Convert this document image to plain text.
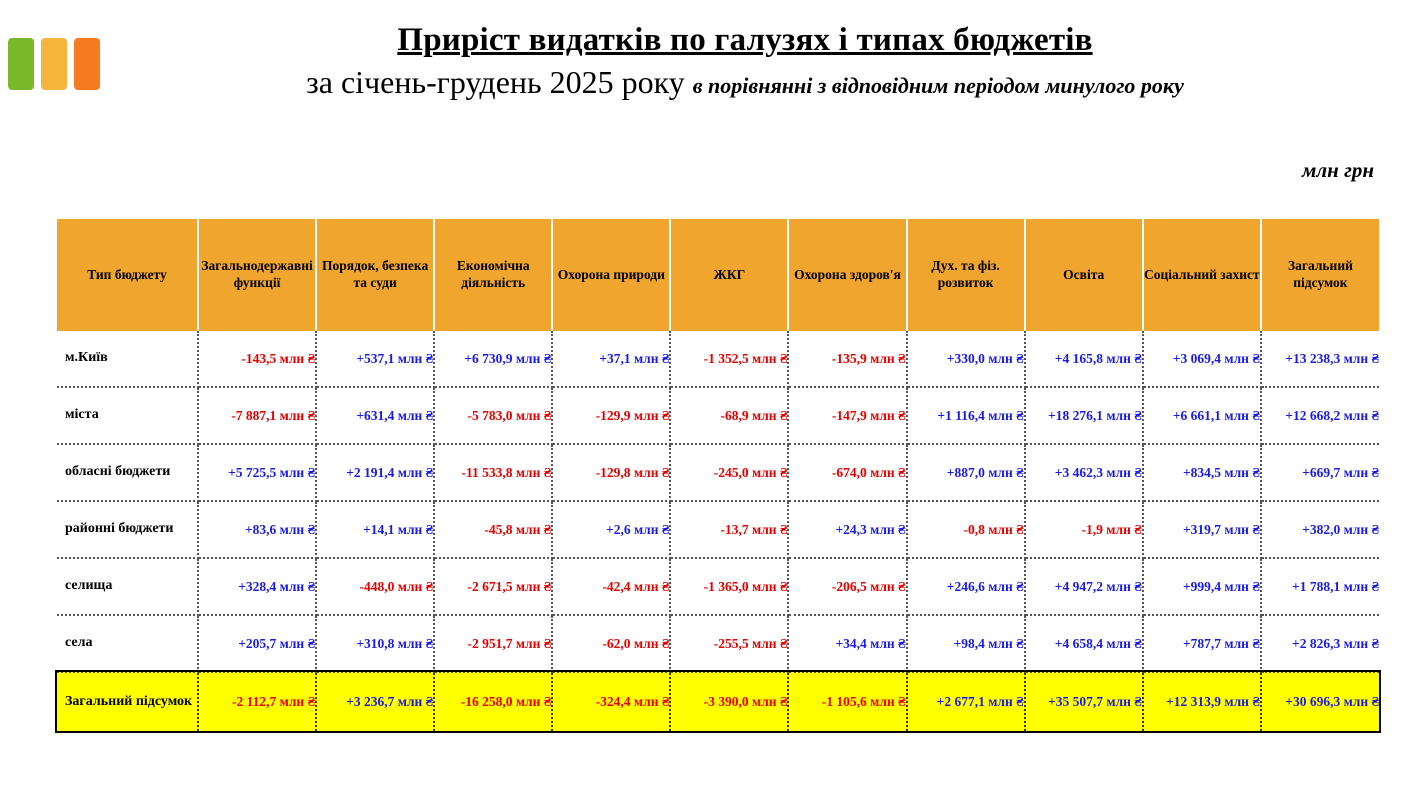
Приріст видатків по галузях і типах бюджетів
за січень-грудень 2025 року в порівнянні з відповідним періодом минулого року
млн грн
Тип бюджету	Загальнодержавні функції	Порядок, безпека та суди	Економічна діяльність	Охорона природи	ЖКГ	Охорона здоров'я	Дух. та фіз. розвиток	Освіта	Соціальний захист	Загальний підсумок
м.Київ	-143,5 млн ₴	+537,1 млн ₴	+6 730,9 млн ₴	+37,1 млн ₴	-1 352,5 млн ₴	-135,9 млн ₴	+330,0 млн ₴	+4 165,8 млн ₴	+3 069,4 млн ₴	+13 238,3 млн ₴
міста	-7 887,1 млн ₴	+631,4 млн ₴	-5 783,0 млн ₴	-129,9 млн ₴	-68,9 млн ₴	-147,9 млн ₴	+1 116,4 млн ₴	+18 276,1 млн ₴	+6 661,1 млн ₴	+12 668,2 млн ₴
обласні бюджети	+5 725,5 млн ₴	+2 191,4 млн ₴	-11 533,8 млн ₴	-129,8 млн ₴	-245,0 млн ₴	-674,0 млн ₴	+887,0 млн ₴	+3 462,3 млн ₴	+834,5 млн ₴	+669,7 млн ₴
районні бюджети	+83,6 млн ₴	+14,1 млн ₴	-45,8 млн ₴	+2,6 млн ₴	-13,7 млн ₴	+24,3 млн ₴	-0,8 млн ₴	-1,9 млн ₴	+319,7 млн ₴	+382,0 млн ₴
селища	+328,4 млн ₴	-448,0 млн ₴	-2 671,5 млн ₴	-42,4 млн ₴	-1 365,0 млн ₴	-206,5 млн ₴	+246,6 млн ₴	+4 947,2 млн ₴	+999,4 млн ₴	+1 788,1 млн ₴
села	+205,7 млн ₴	+310,8 млн ₴	-2 951,7 млн ₴	-62,0 млн ₴	-255,5 млн ₴	+34,4 млн ₴	+98,4 млн ₴	+4 658,4 млн ₴	+787,7 млн ₴	+2 826,3 млн ₴
Загальний підсумок	-2 112,7 млн ₴	+3 236,7 млн ₴	-16 258,0 млн ₴	-324,4 млн ₴	-3 390,0 млн ₴	-1 105,6 млн ₴	+2 677,1 млн ₴	+35 507,7 млн ₴	+12 313,9 млн ₴	+30 696,3 млн ₴
